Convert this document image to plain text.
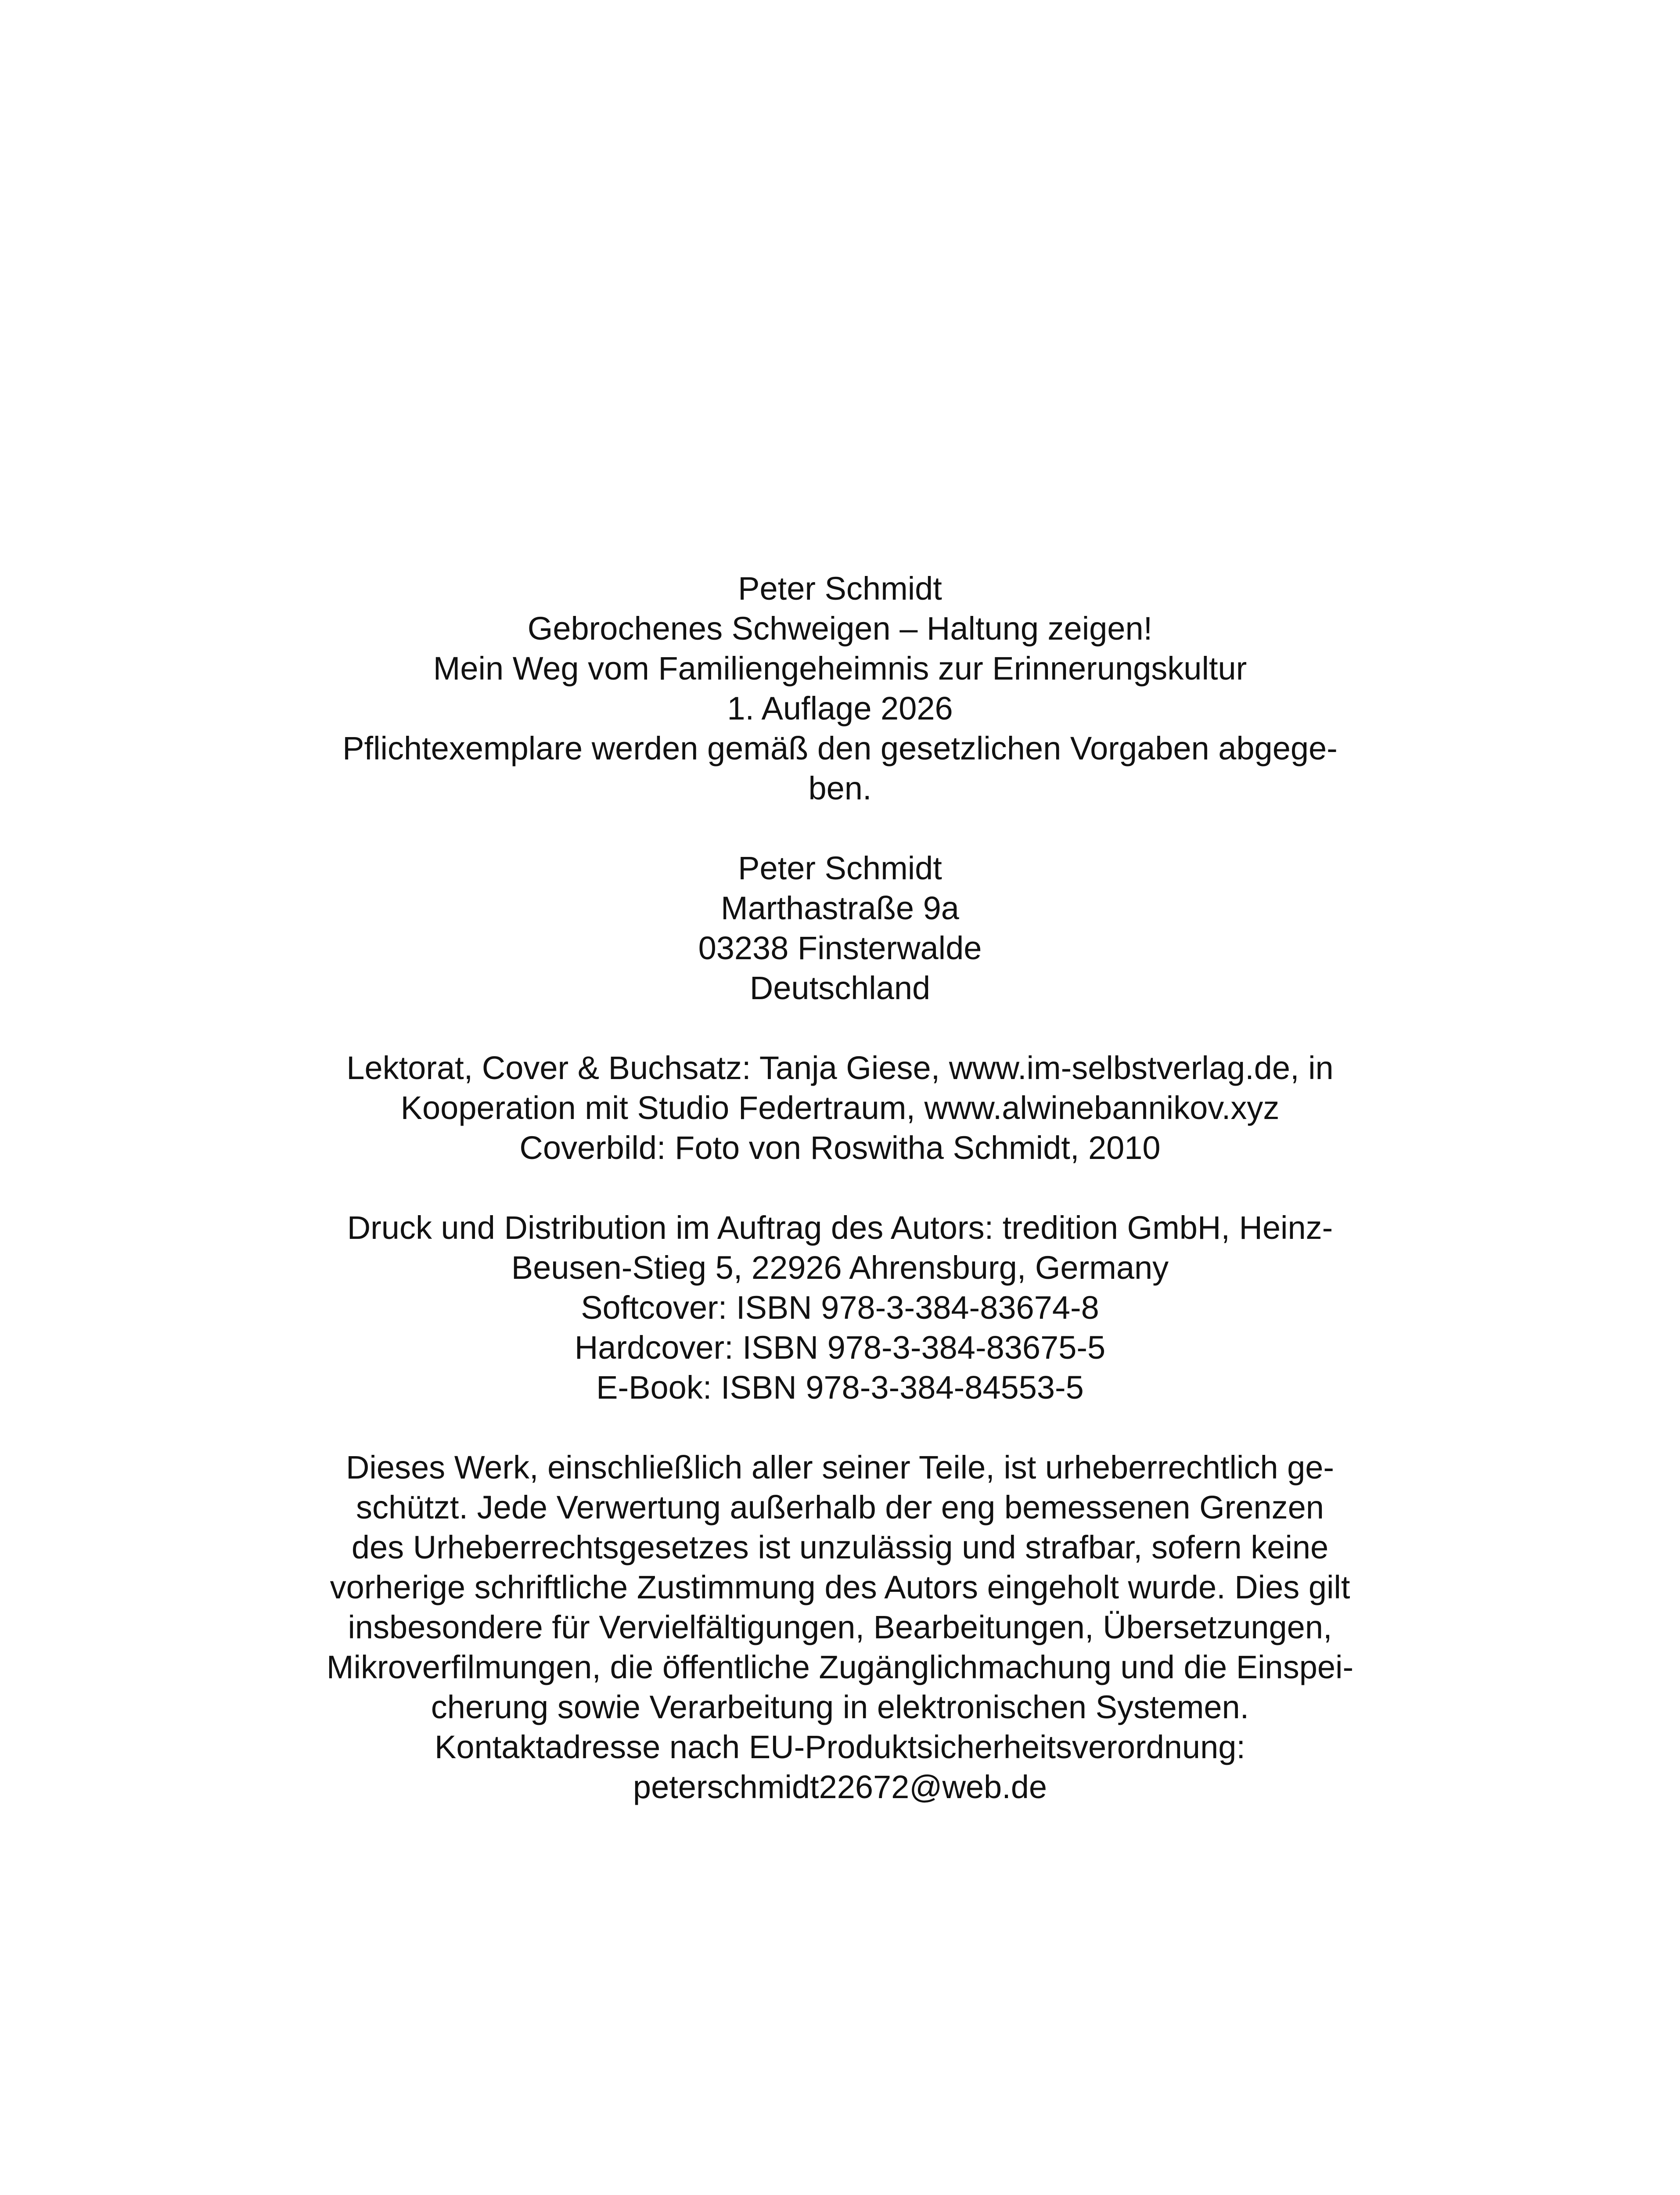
Peter Schmidt
Gebrochenes Schweigen – Haltung zeigen!
Mein Weg vom Familiengeheimnis zur Erinnerungskultur
1. Auflage 2026
Pflichtexemplare werden gemäß den gesetzlichen Vorgaben abgege-
ben.

Peter Schmidt
Marthastraße 9a
03238 Finsterwalde
Deutschland

Lektorat, Cover & Buchsatz: Tanja Giese, www.im-selbstverlag.de, in
Kooperation mit Studio Federtraum, www.alwinebannikov.xyz
Coverbild: Foto von Roswitha Schmidt, 2010

Druck und Distribution im Auftrag des Autors: tredition GmbH, Heinz-
Beusen-Stieg 5, 22926 Ahrensburg, Germany
Softcover: ISBN 978-3-384-83674-8
Hardcover: ISBN 978-3-384-83675-5
E-Book: ISBN 978-3-384-84553-5

Dieses Werk, einschließlich aller seiner Teile, ist urheberrechtlich ge-
schützt. Jede Verwertung außerhalb der eng bemessenen Grenzen
des Urheberrechtsgesetzes ist unzulässig und strafbar, sofern keine
vorherige schriftliche Zustimmung des Autors eingeholt wurde. Dies gilt
insbesondere für Vervielfältigungen, Bearbeitungen, Übersetzungen,
Mikroverfilmungen, die öffentliche Zugänglichmachung und die Einspei-
cherung sowie Verarbeitung in elektronischen Systemen.
Kontaktadresse nach EU-Produktsicherheitsverordnung:
peterschmidt22672@web.de
